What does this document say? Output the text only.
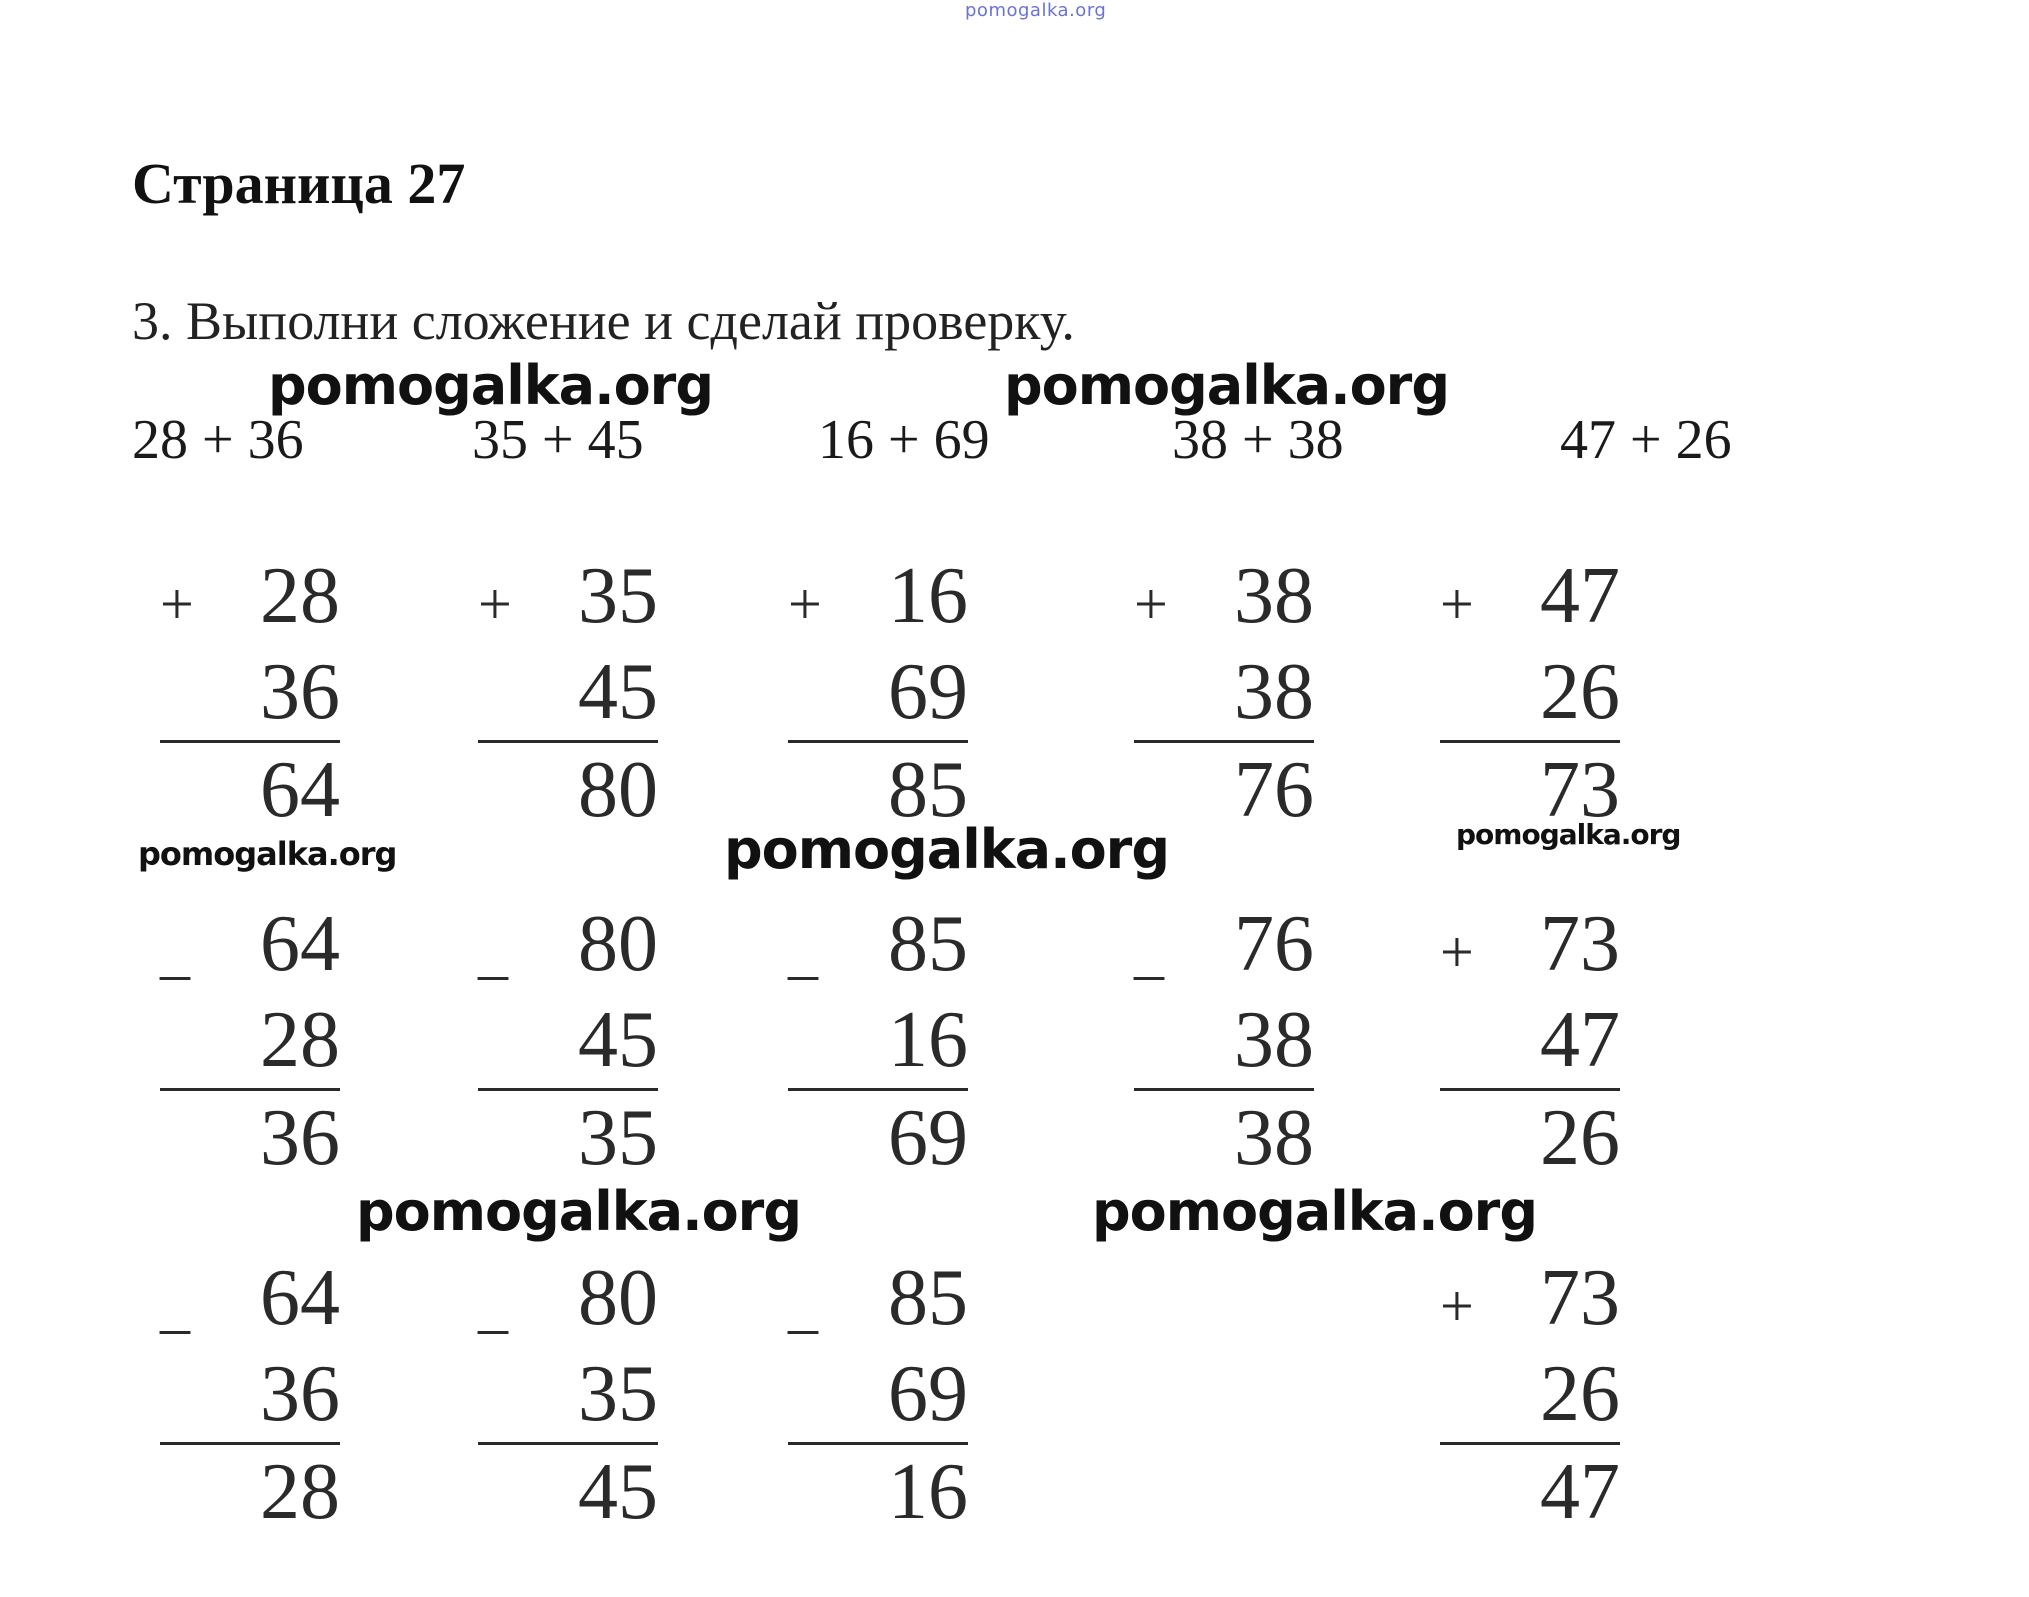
pomogalka.org
Страница 27
3. Выполни сложение и сделай проверку.
pomogalka.org	pomogalka.org
28 + 36	35 + 45	16 + 69	38 + 38	47 + 26
+ 28
36
64
+ 35
45
80
+ 16
69
85
+ 38
38
76
+ 47
26
73
pomogalka.org	pomogalka.org	pomogalka.org
_ 64
28
36
_ 80
45
35
_ 85
16
69
_ 76
38
38
+ 73
47
26
pomogalka.org	pomogalka.org
_ 64
36
28
_ 80
35
45
_ 85
69
16
+ 73
26
47
